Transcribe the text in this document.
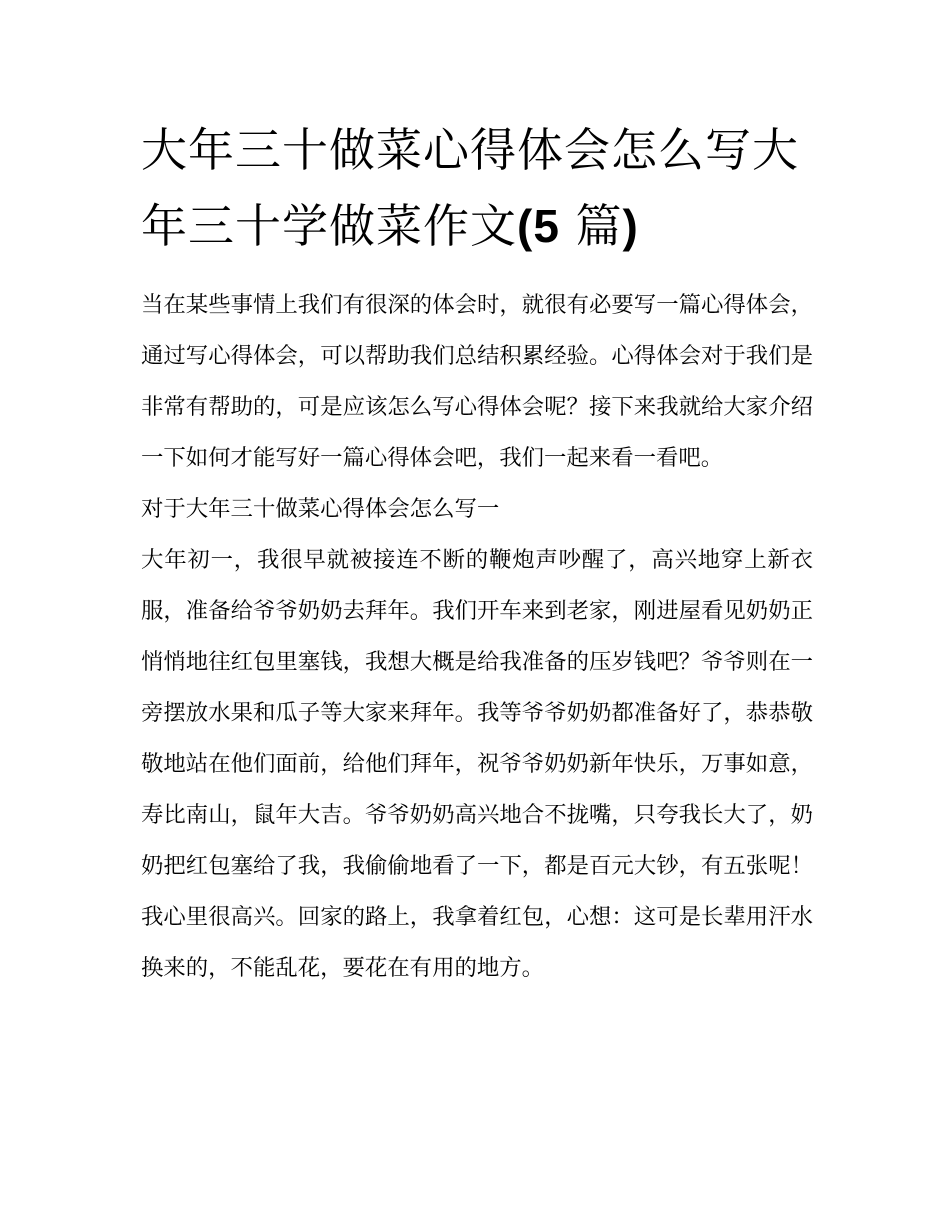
大年三十做菜心得体会怎么写大年三十学做菜作文(5 篇)

当在某些事情上我们有很深的体会时，就很有必要写一篇心得体会，通过写心得体会，可以帮助我们总结积累经验。心得体会对于我们是非常有帮助的，可是应该怎么写心得体会呢？接下来我就给大家介绍一下如何才能写好一篇心得体会吧，我们一起来看一看吧。

对于大年三十做菜心得体会怎么写一

大年初一，我很早就被接连不断的鞭炮声吵醒了，高兴地穿上新衣服，准备给爷爷奶奶去拜年。我们开车来到老家，刚进屋看见奶奶正悄悄地往红包里塞钱，我想大概是给我准备的压岁钱吧？爷爷则在一旁摆放水果和瓜子等大家来拜年。我等爷爷奶奶都准备好了，恭恭敬敬地站在他们面前，给他们拜年，祝爷爷奶奶新年快乐，万事如意，寿比南山，鼠年大吉。爷爷奶奶高兴地合不拢嘴，只夸我长大了，奶奶把红包塞给了我，我偷偷地看了一下，都是百元大钞，有五张呢！我心里很高兴。回家的路上，我拿着红包，心想：这可是长辈用汗水换来的，不能乱花，要花在有用的地方。
